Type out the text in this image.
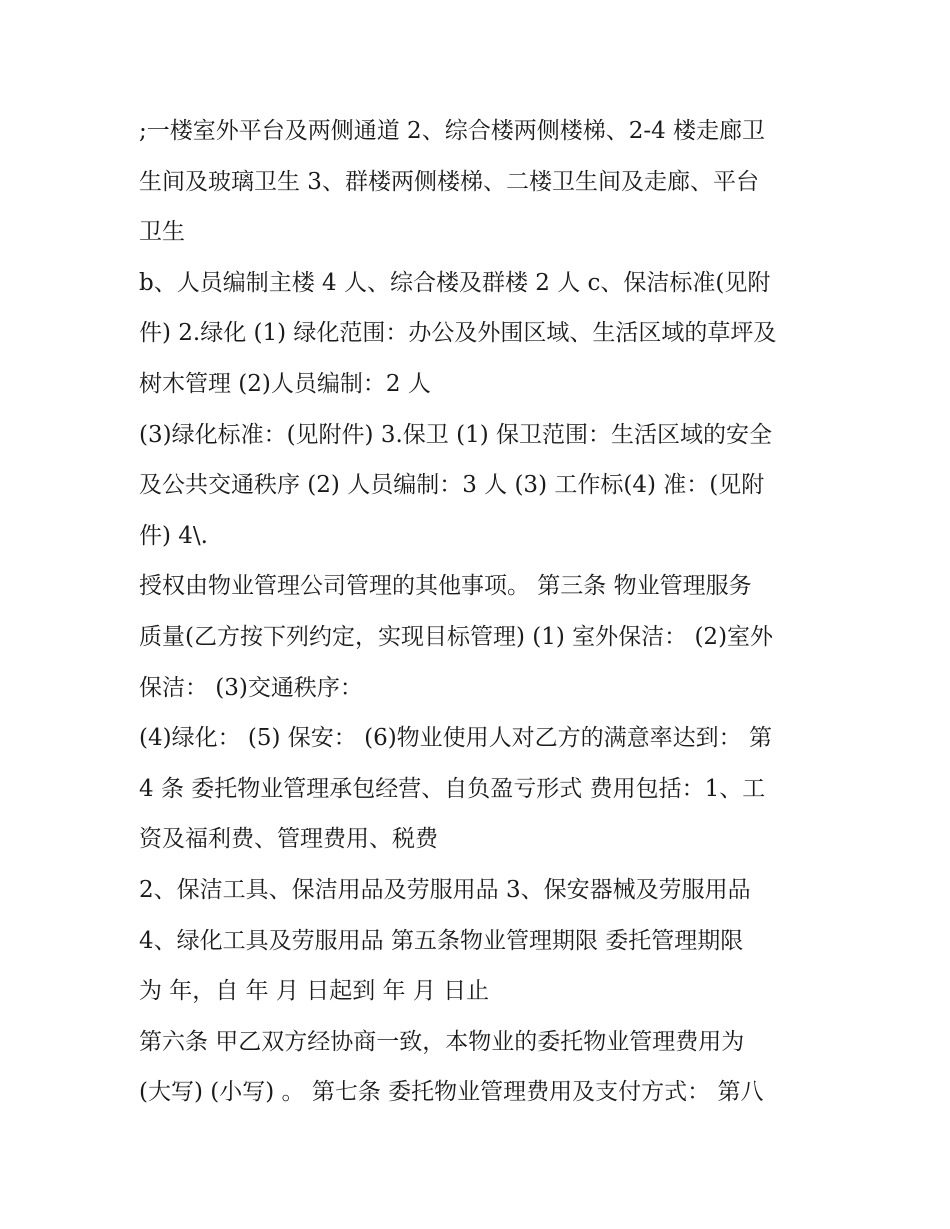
;一楼室外平台及两侧通道 2、综合楼两侧楼梯、2-4 楼走廊卫
生间及玻璃卫生 3、群楼两侧楼梯、二楼卫生间及走廊、平台
卫生
b、人员编制主楼 4 人、综合楼及群楼 2 人 c、保洁标准(见附
件) 2.绿化 (1) 绿化范围：办公及外围区域、生活区域的草坪及
树木管理 (2)人员编制：2 人
(3)绿化标准：(见附件) 3.保卫 (1) 保卫范围：生活区域的安全
及公共交通秩序 (2) 人员编制：3 人 (3) 工作标(4) 准：(见附
件) 4\.
授权由物业管理公司管理的其他事项。 第三条 物业管理服务
质量(乙方按下列约定，实现目标管理) (1) 室外保洁： (2)室外
保洁： (3)交通秩序：
(4)绿化： (5) 保安： (6)物业使用人对乙方的满意率达到： 第
4 条 委托物业管理承包经营、自负盈亏形式 费用包括：1、工
资及福利费、管理费用、税费
2、保洁工具、保洁用品及劳服用品 3、保安器械及劳服用品
4、绿化工具及劳服用品 第五条物业管理期限 委托管理期限
为 年，自 年 月 日起到 年 月 日止
第六条 甲乙双方经协商一致，本物业的委托物业管理费用为
(大写) (小写) 。 第七条 委托物业管理费用及支付方式： 第八
